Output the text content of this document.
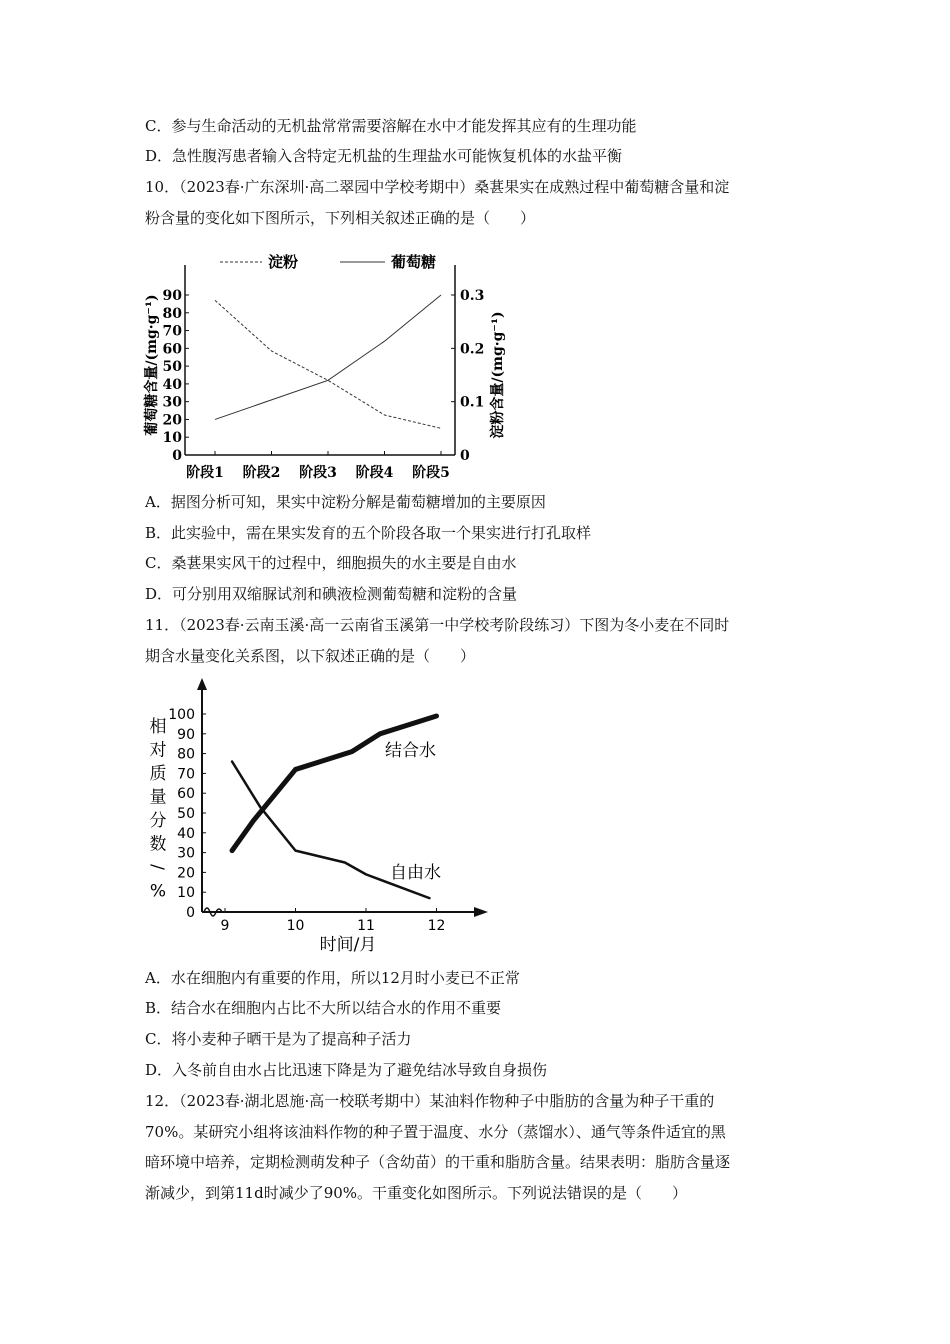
C．参与生命活动的无机盐常常需要溶解在水中才能发挥其应有的生理功能
D．急性腹泻患者输入含特定无机盐的生理盐水可能恢复机体的水盐平衡
10．（2023春·广东深圳·高二翠园中学校考期中）桑葚果实在成熟过程中葡萄糖含量和淀
粉含量的变化如下图所示，下列相关叙述正确的是（　　）
淀粉	葡萄糖
0
10
20
30
40
50
60
70
80
90
0
0.1
0.2
0.3
阶段1 阶段2 阶段3 阶段4 阶段5
葡萄糖含量/(mg·g⁻¹)	淀粉含量/(mg·g⁻¹)
A．据图分析可知，果实中淀粉分解是葡萄糖增加的主要原因
B．此实验中，需在果实发育的五个阶段各取一个果实进行打孔取样
C．桑葚果实风干的过程中，细胞损失的水主要是自由水
D．可分别用双缩脲试剂和碘液检测葡萄糖和淀粉的含量
11．（2023春·云南玉溪·高一云南省玉溪第一中学校考阶段练习）下图为冬小麦在不同时
期含水量变化关系图，以下叙述正确的是（　　）
0
10
20
30
40
50
60
70
80
90
100
9	10	11	12
相
对
质
量
分
数
/
%
时间/月
结合水
自由水
A．水在细胞内有重要的作用，所以12月时小麦已不正常
B．结合水在细胞内占比不大所以结合水的作用不重要
C．将小麦种子晒干是为了提高种子活力
D．入冬前自由水占比迅速下降是为了避免结冰导致自身损伤
12．（2023春·湖北恩施·高一校联考期中）某油料作物种子中脂肪的含量为种子干重的
70%。某研究小组将该油料作物的种子置于温度、水分（蒸馏水）、通气等条件适宜的黑
暗环境中培养，定期检测萌发种子（含幼苗）的干重和脂肪含量。结果表明：脂肪含量逐
渐减少，到第11d时减少了90%。干重变化如图所示。下列说法错误的是（　　）
